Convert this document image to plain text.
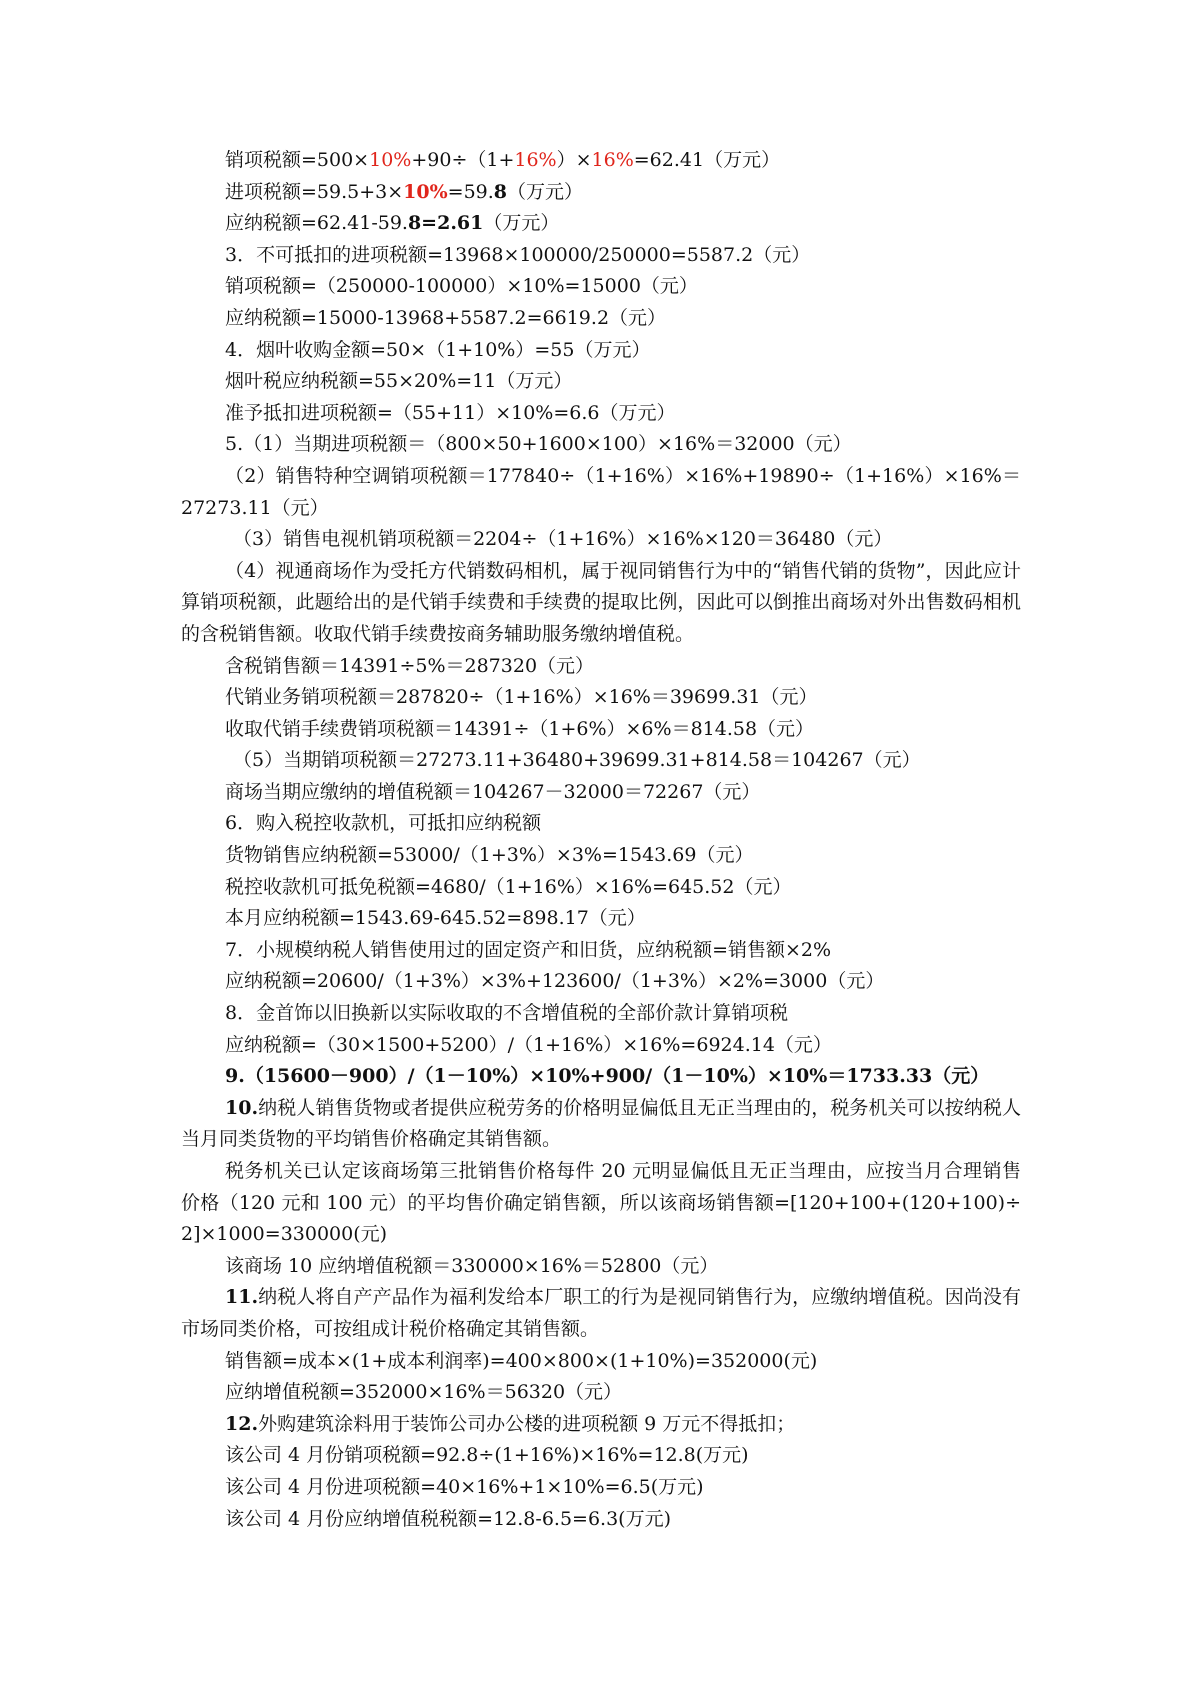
销项税额=500×10%+90÷（1+16%）×16%=62.41（万元）
进项税额=59.5+3×10%=59.8（万元）
应纳税额=62.41-59.8=2.61（万元）
3．不可抵扣的进项税额=13968×100000/250000=5587.2（元）
销项税额=（250000-100000）×10%=15000（元）
应纳税额=15000-13968+5587.2=6619.2（元）
4．烟叶收购金额=50×（1+10%）=55（万元）
烟叶税应纳税额=55×20%=11（万元）
准予抵扣进项税额=（55+11）×10%=6.6（万元）
5.（1）当期进项税额＝（800×50+1600×100）×16%＝32000（元）
（2）销售特种空调销项税额＝177840÷（1+16%）×16%+19890÷（1+16%）×16%＝27273.11（元）
（3）销售电视机销项税额＝2204÷（1+16%）×16%×120＝36480（元）
（4）视通商场作为受托方代销数码相机，属于视同销售行为中的“销售代销的货物”，因此应计算销项税额，此题给出的是代销手续费和手续费的提取比例，因此可以倒推出商场对外出售数码相机的含税销售额。收取代销手续费按商务辅助服务缴纳增值税。
含税销售额＝14391÷5%＝287320（元）
代销业务销项税额＝287820÷（1+16%）×16%＝39699.31（元）
收取代销手续费销项税额＝14391÷（1+6%）×6%＝814.58（元）
（5）当期销项税额＝27273.11+36480+39699.31+814.58＝104267（元）
商场当期应缴纳的增值税额＝104267－32000＝72267（元）
6．购入税控收款机，可抵扣应纳税额
货物销售应纳税额=53000/（1+3%）×3%=1543.69（元）
税控收款机可抵免税额=4680/（1+16%）×16%=645.52（元）
本月应纳税额=1543.69-645.52=898.17（元）
7．小规模纳税人销售使用过的固定资产和旧货，应纳税额=销售额×2%
应纳税额=20600/（1+3%）×3%+123600/（1+3%）×2%=3000（元）
8．金首饰以旧换新以实际收取的不含增值税的全部价款计算销项税
应纳税额=（30×1500+5200）/（1+16%）×16%=6924.14（元）
9.（15600－900）/（1－10%）×10%+900/（1－10%）×10%＝1733.33（元）
10.纳税人销售货物或者提供应税劳务的价格明显偏低且无正当理由的，税务机关可以按纳税人当月同类货物的平均销售价格确定其销售额。
税务机关已认定该商场第三批销售价格每件 20 元明显偏低且无正当理由，应按当月合理销售价格（120 元和 100 元）的平均售价确定销售额，所以该商场销售额=[120+100+(120+100)÷2]×1000=330000(元)
该商场 10 应纳增值税额＝330000×16%＝52800（元）
11.纳税人将自产产品作为福利发给本厂职工的行为是视同销售行为，应缴纳增值税。因尚没有市场同类价格，可按组成计税价格确定其销售额。
销售额=成本×(1+成本利润率)=400×800×(1+10%)=352000(元)
应纳增值税额=352000×16%＝56320（元）
12.外购建筑涂料用于装饰公司办公楼的进项税额 9 万元不得抵扣；
该公司 4 月份销项税额=92.8÷(1+16%)×16%=12.8(万元)
该公司 4 月份进项税额=40×16%+1×10%=6.5(万元)
该公司 4 月份应纳增值税税额=12.8-6.5=6.3(万元)
